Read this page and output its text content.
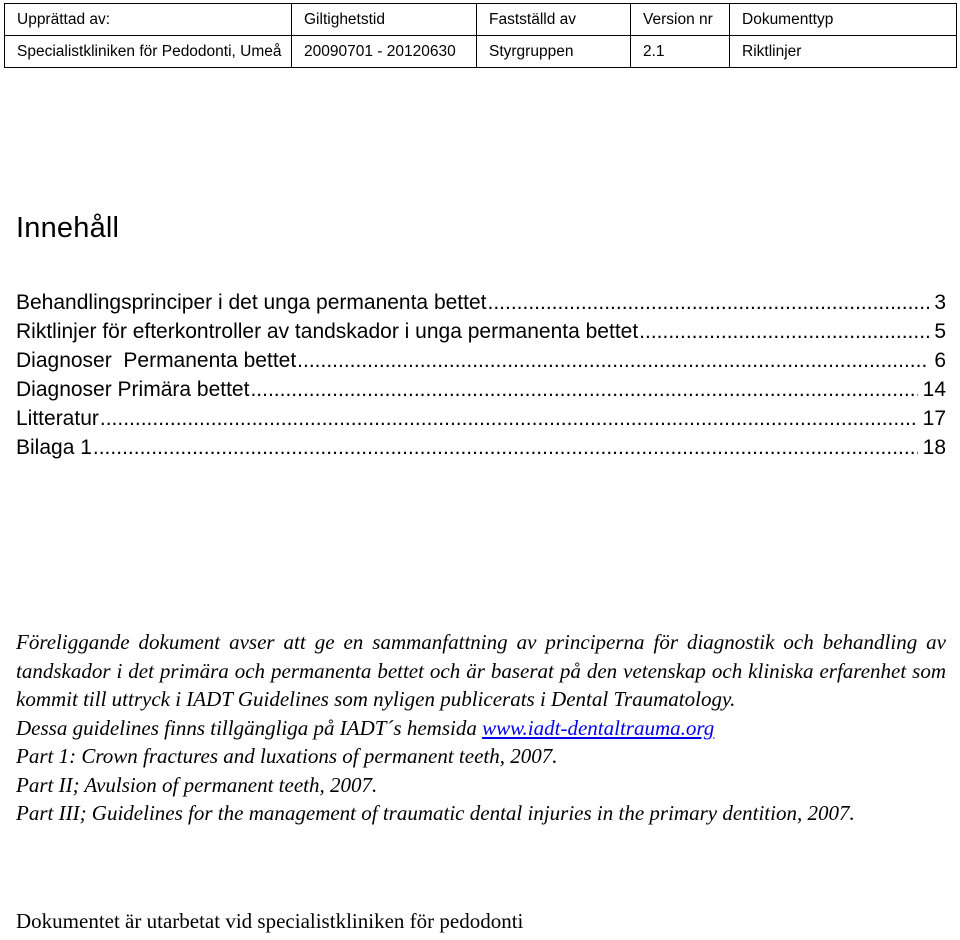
Upprättad av:	Giltighetstid	Fastställd av	Version nr	Dokumenttyp
Specialistkliniken för Pedodonti, Umeå	20090701 - 20120630	Styrgruppen	2.1	Riktlinjer
Innehåll
Behandlingsprinciper i det unga permanenta bettet .....	3
Riktlinjer för efterkontroller av tandskador i unga permanenta bettet .....	5
Diagnoser  Permanenta bettet .....	6
Diagnoser Primära bettet .....	14
Litteratur .....	17
Bilaga 1 .....	18

Föreliggande dokument avser att ge en sammanfattning av principerna för diagnostik och behandling av tandskador i det primära och permanenta bettet och är baserat på den vetenskap och kliniska erfarenhet som kommit till uttryck i IADT Guidelines som nyligen publicerats i Dental Traumatology.

Dessa guidelines finns tillgängliga på IADT´s hemsida www.iadt-dentaltrauma.org

Part 1: Crown fractures and luxations of permanent teeth, 2007.

Part II; Avulsion of permanent teeth, 2007.

Part III; Guidelines for the management of traumatic dental injuries in the primary dentition, 2007.

Dokumentet är utarbetat vid specialistkliniken för pedodonti
